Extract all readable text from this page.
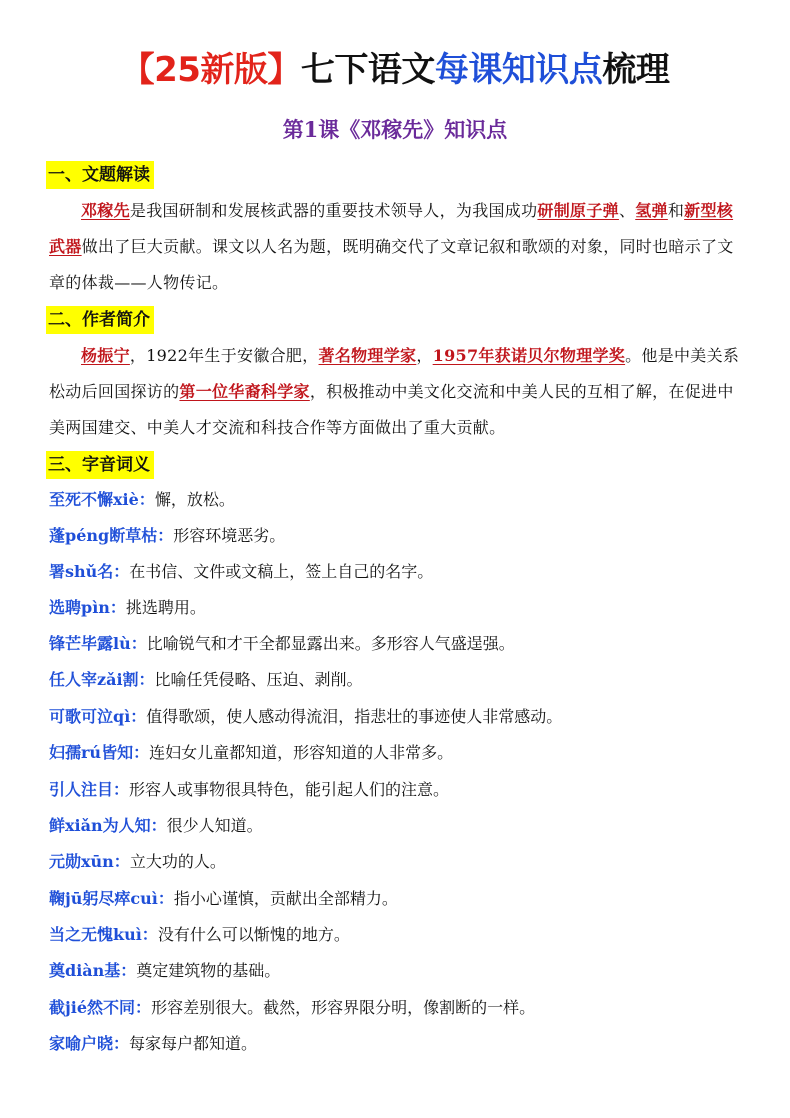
【25新版】七下语文每课知识点梳理
第1课《邓稼先》知识点
一、文题解读
邓稼先是我国研制和发展核武器的重要技术领导人，为我国成功研制原子弹、氢弹和新型核武器做出了巨大贡献。课文以人名为题，既明确交代了文章记叙和歌颂的对象，同时也暗示了文章的体裁——人物传记。
二、作者简介
杨振宁，1922年生于安徽合肥，著名物理学家，1957年获诺贝尔物理学奖。他是中美关系松动后回国探访的第一位华裔科学家，积极推动中美文化交流和中美人民的互相了解，在促进中美两国建交、中美人才交流和科技合作等方面做出了重大贡献。
三、字音词义
至死不懈xiè：懈，放松。
蓬péng断草枯：形容环境恶劣。
署shǔ名：在书信、文件或文稿上，签上自己的名字。
选聘pìn：挑选聘用。
锋芒毕露lù：比喻锐气和才干全都显露出来。多形容人气盛逞强。
任人宰zǎi割：比喻任凭侵略、压迫、剥削。
可歌可泣qì：值得歌颂，使人感动得流泪，指悲壮的事迹使人非常感动。
妇孺rú皆知：连妇女儿童都知道，形容知道的人非常多。
引人注目：形容人或事物很具特色，能引起人们的注意。
鲜xiǎn为人知：很少人知道。
元勋xūn：立大功的人。
鞠jū躬尽瘁cuì：指小心谨慎，贡献出全部精力。
当之无愧kuì：没有什么可以惭愧的地方。
奠diàn基：奠定建筑物的基础。
截jié然不同：形容差别很大。截然，形容界限分明，像割断的一样。
家喻户晓：每家每户都知道。
